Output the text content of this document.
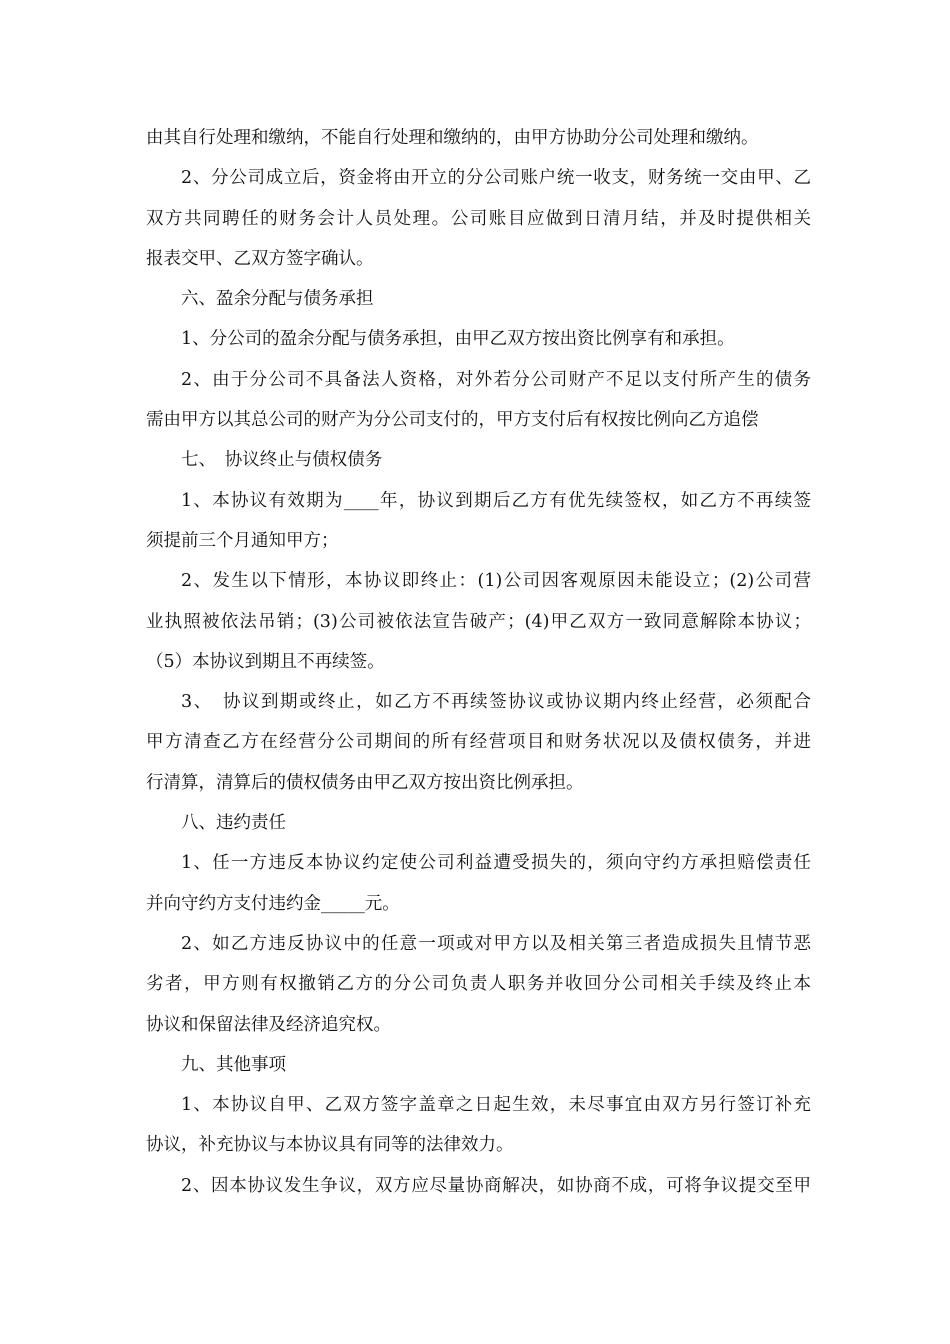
由其自行处理和缴纳，不能自行处理和缴纳的，由甲方协助分公司处理和缴纳。
2、分公司成立后，资金将由开立的分公司账户统一收支，财务统一交由甲、乙
双方共同聘任的财务会计人员处理。公司账目应做到日清月结，并及时提供相关
报表交甲、乙双方签字确认。
六、盈余分配与债务承担
1、分公司的盈余分配与债务承担，由甲乙双方按出资比例享有和承担。
2、由于分公司不具备法人资格，对外若分公司财产不足以支付所产生的债务
需由甲方以其总公司的财产为分公司支付的，甲方支付后有权按比例向乙方追偿
七、　协议终止与债权债务
1、本协议有效期为____年，协议到期后乙方有优先续签权，如乙方不再续签
须提前三个月通知甲方；
2、发生以下情形，本协议即终止：(1)公司因客观原因未能设立；(2)公司营
业执照被依法吊销；(3)公司被依法宣告破产；(4)甲乙双方一致同意解除本协议；
（5）本协议到期且不再续签。
3、　协议到期或终止，如乙方不再续签协议或协议期内终止经营，必须配合
甲方清查乙方在经营分公司期间的所有经营项目和财务状况以及债权债务，并进
行清算，清算后的债权债务由甲乙双方按出资比例承担。
八、违约责任
1、任一方违反本协议约定使公司利益遭受损失的，须向守约方承担赔偿责任
并向守约方支付违约金_____元。
2、如乙方违反协议中的任意一项或对甲方以及相关第三者造成损失且情节恶
劣者，甲方则有权撤销乙方的分公司负责人职务并收回分公司相关手续及终止本
协议和保留法律及经济追究权。
九、其他事项
1、本协议自甲、乙双方签字盖章之日起生效，未尽事宜由双方另行签订补充
协议，补充协议与本协议具有同等的法律效力。
2、因本协议发生争议，双方应尽量协商解决，如协商不成，可将争议提交至甲
